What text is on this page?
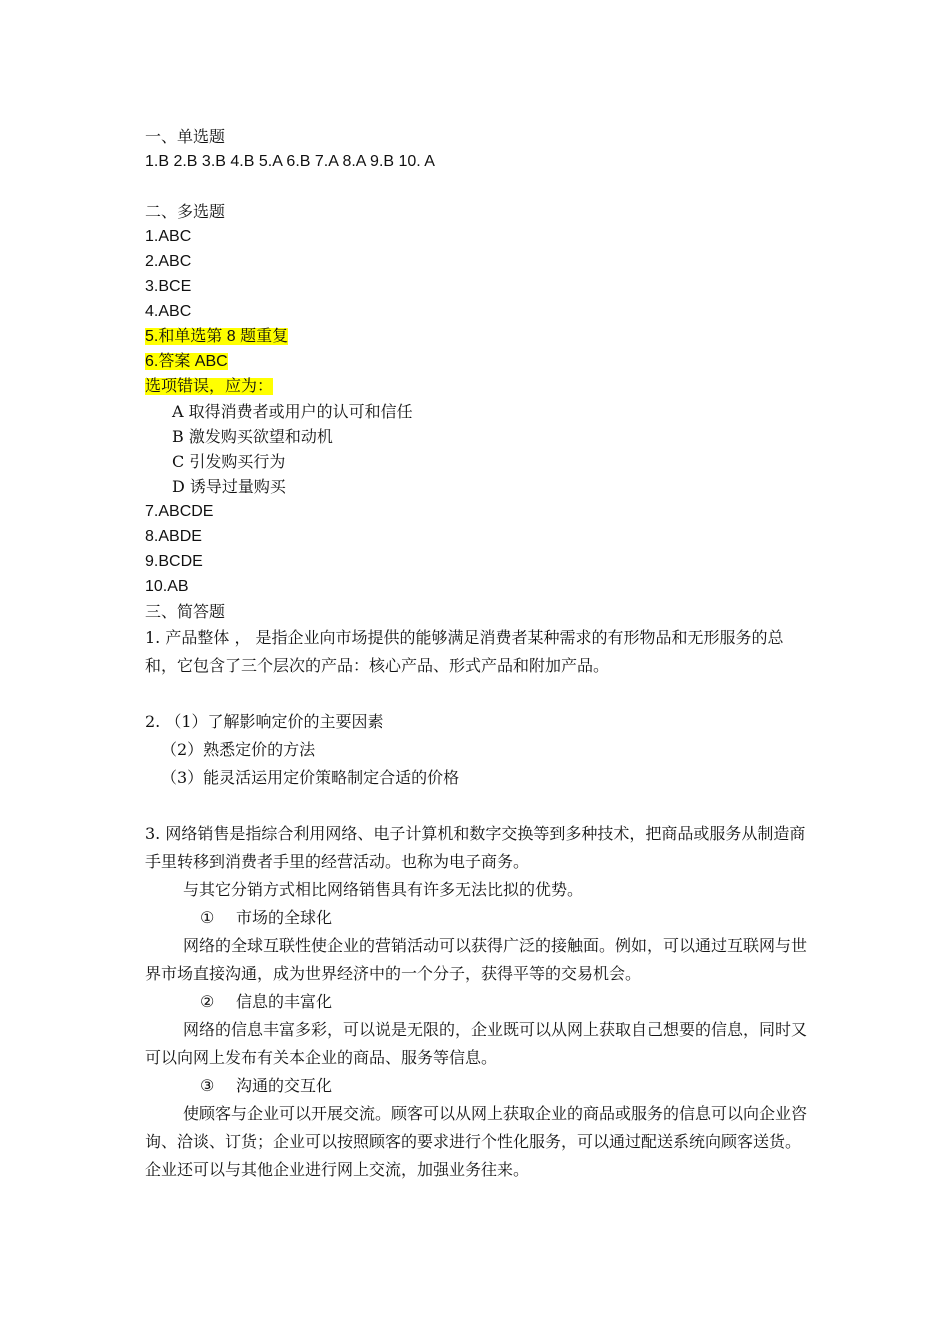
一、单选题
1.B 2.B 3.B 4.B 5.A 6.B 7.A 8.A 9.B 10. A
二、多选题
1.ABC
2.ABC
3.BCE
4.ABC
5.和单选第 8 题重复
6.答案 ABC
选项错误，应为：
A 取得消费者或用户的认可和信任
B 激发购买欲望和动机
C 引发购买行为
D 诱导过量购买
7.ABCDE
8.ABDE
9.BCDE
10.AB
三、简答题
1. 产品整体 ， 是指企业向市场提供的能够满足消费者某种需求的有形物品和无形服务的总和，它包含了三个层次的产品：核心产品、形式产品和附加产品。
2. （1）了解影响定价的主要因素
（2）熟悉定价的方法
（3）能灵活运用定价策略制定合适的价格
3. 网络销售是指综合利用网络、电子计算机和数字交换等到多种技术，把商品或服务从制造商手里转移到消费者手里的经营活动。也称为电子商务。
与其它分销方式相比网络销售具有许多无法比拟的优势。
① 市场的全球化
网络的全球互联性使企业的营销活动可以获得广泛的接触面。例如，可以通过互联网与世界市场直接沟通，成为世界经济中的一个分子，获得平等的交易机会。
② 信息的丰富化
网络的信息丰富多彩，可以说是无限的，企业既可以从网上获取自己想要的信息，同时又可以向网上发布有关本企业的商品、服务等信息。
③ 沟通的交互化
使顾客与企业可以开展交流。顾客可以从网上获取企业的商品或服务的信息可以向企业咨询、洽谈、订货；企业可以按照顾客的要求进行个性化服务，可以通过配送系统向顾客送货。企业还可以与其他企业进行网上交流，加强业务往来。
